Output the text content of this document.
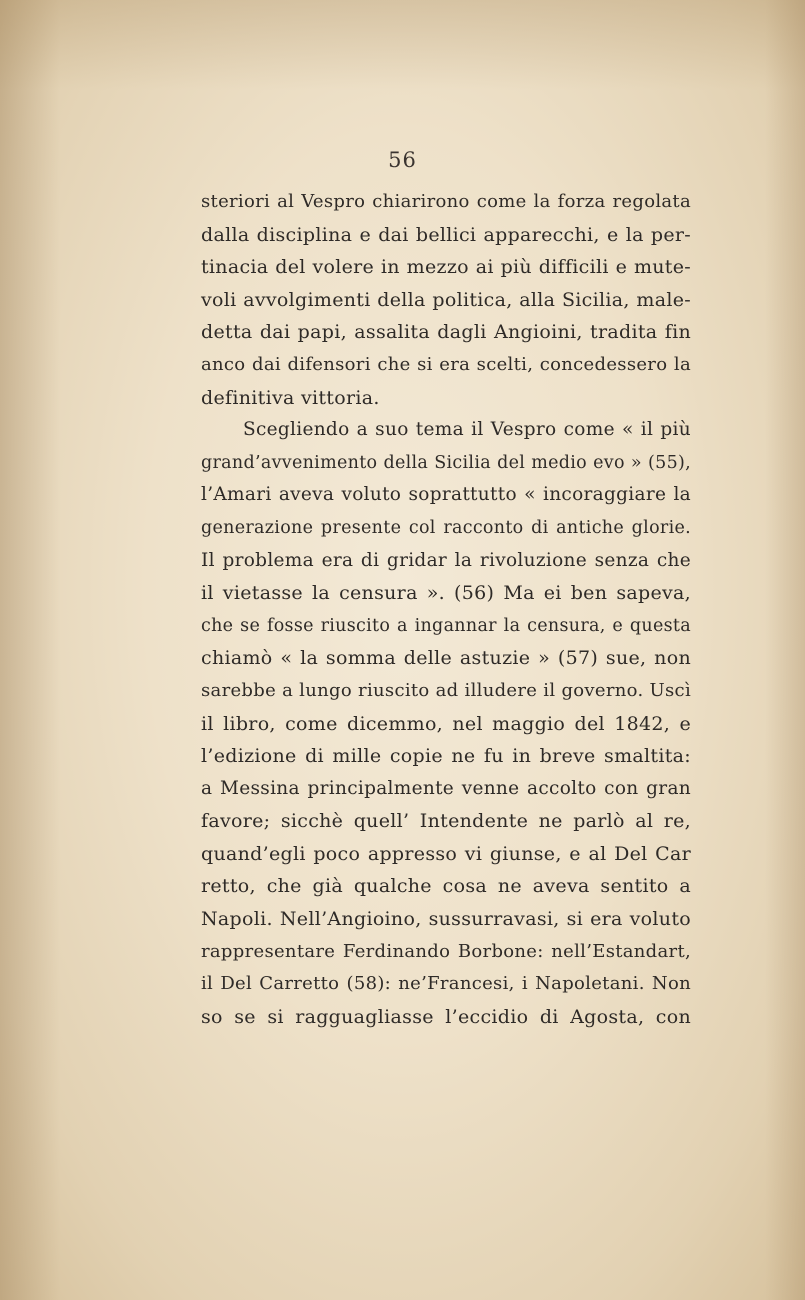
56
steriori al Vespro chiarirono come la forza regolata
dalla disciplina e dai bellici apparecchi, e la per-
tinacia del volere in mezzo ai più difficili e mute-
voli avvolgimenti della politica, alla Sicilia, male-
detta dai papi, assalita dagli Angioini, tradita fin
anco dai difensori che si era scelti, concedessero la
definitiva vittoria.
Scegliendo a suo tema il Vespro come « il più
grand’avvenimento della Sicilia del medio evo » (55),
l’Amari aveva voluto soprattutto « incoraggiare la
generazione presente col racconto di antiche glorie.
Il problema era di gridar la rivoluzione senza che
il vietasse la censura ». (56) Ma ei ben sapeva,
che se fosse riuscito a ingannar la censura, e questa
chiamò « la somma delle astuzie » (57) sue, non
sarebbe a lungo riuscito ad illudere il governo. Uscì
il libro, come dicemmo, nel maggio del 1842, e
l’edizione di mille copie ne fu in breve smaltita:
a Messina principalmente venne accolto con gran
favore; sicchè quell’ Intendente ne parlò al re,
quand’egli poco appresso vi giunse, e al Del Car
retto, che già qualche cosa ne aveva sentito a
Napoli. Nell’Angioino, sussurravasi, si era voluto
rappresentare Ferdinando Borbone: nell’Estandart,
il Del Carretto (58): ne’Francesi, i Napoletani. Non
so se si ragguagliasse l’eccidio di Agosta, con
